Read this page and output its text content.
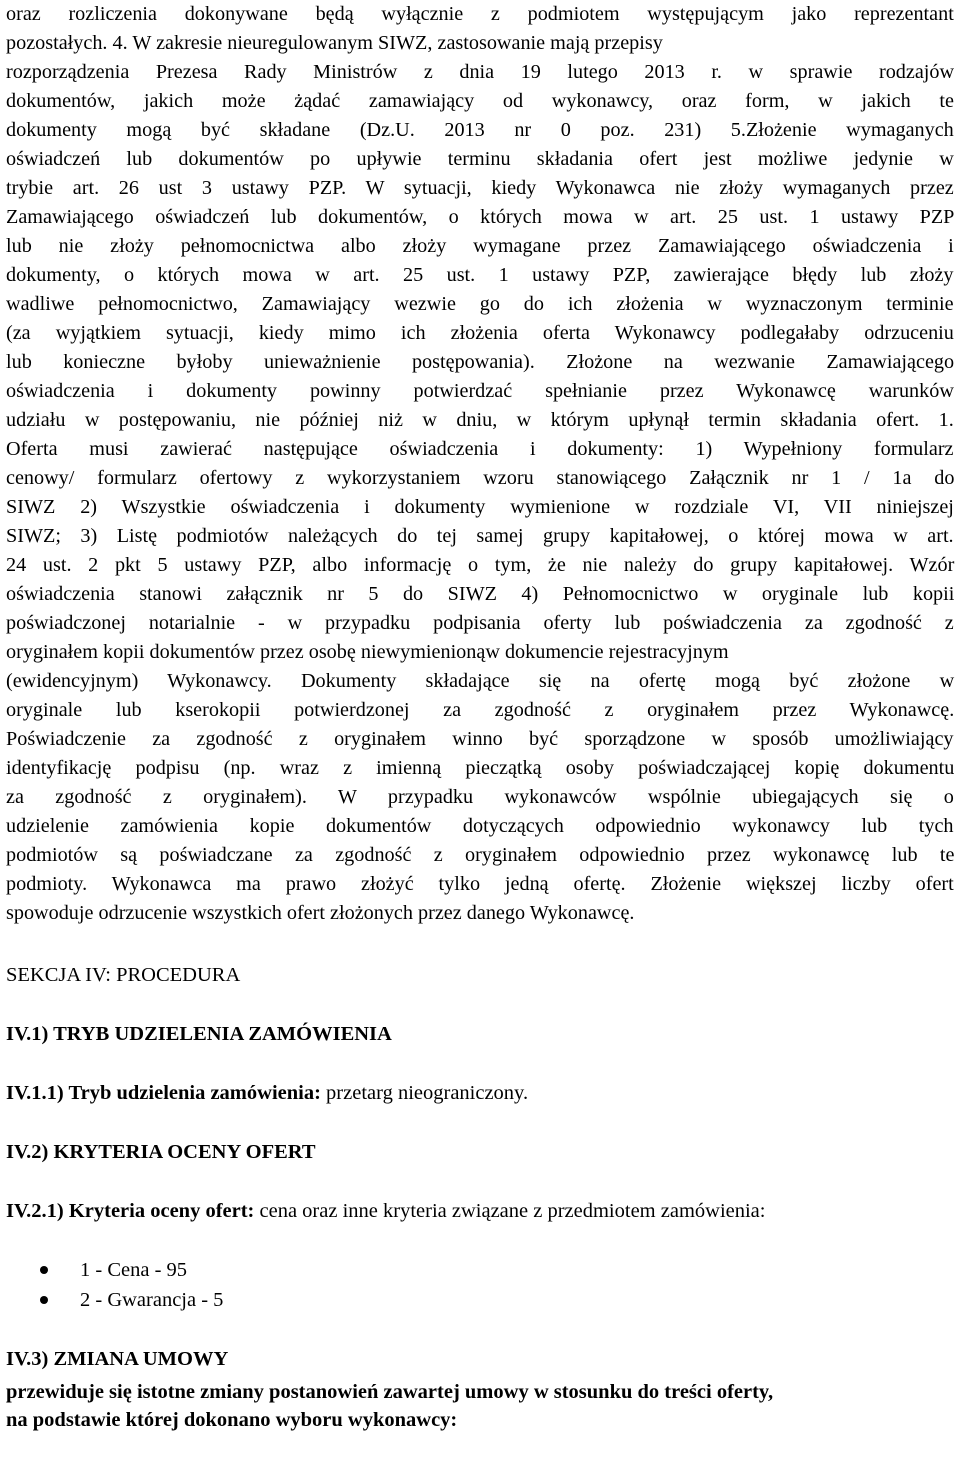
oraz rozliczenia dokonywane będą wyłącznie z podmiotem występującym jako reprezentant
pozostałych. 4. W zakresie nieuregulowanym SIWZ, zastosowanie mają przepisy
rozporządzenia Prezesa Rady Ministrów z dnia 19 lutego 2013 r. w sprawie rodzajów
dokumentów, jakich może żądać zamawiający od wykonawcy, oraz form, w jakich te
dokumenty mogą być składane (Dz.U. 2013 nr 0 poz. 231) 5.Złożenie wymaganych
oświadczeń lub dokumentów po upływie terminu składania ofert jest możliwe jedynie w
trybie art. 26 ust 3 ustawy PZP. W sytuacji, kiedy Wykonawca nie złoży wymaganych przez
Zamawiającego oświadczeń lub dokumentów, o których mowa w art. 25 ust. 1 ustawy PZP
lub nie złoży pełnomocnictwa albo złoży wymagane przez Zamawiającego oświadczenia i
dokumenty, o których mowa w art. 25 ust. 1 ustawy PZP, zawierające błędy lub złoży
wadliwe pełnomocnictwo, Zamawiający wezwie go do ich złożenia w wyznaczonym terminie
(za wyjątkiem sytuacji, kiedy mimo ich złożenia oferta Wykonawcy podlegałaby odrzuceniu
lub konieczne byłoby unieważnienie postępowania). Złożone na wezwanie Zamawiającego
oświadczenia i dokumenty powinny potwierdzać spełnianie przez Wykonawcę warunków
udziału w postępowaniu, nie później niż w dniu, w którym upłynął termin składania ofert. 1.
Oferta musi zawierać następujące oświadczenia i dokumenty: 1) Wypełniony formularz
cenowy/ formularz ofertowy z wykorzystaniem wzoru stanowiącego Załącznik nr 1 / 1a do
SIWZ 2) Wszystkie oświadczenia i dokumenty wymienione w rozdziale VI, VII niniejszej
SIWZ; 3) Listę podmiotów należących do tej samej grupy kapitałowej, o której mowa w art.
24 ust. 2 pkt 5 ustawy PZP, albo informację o tym, że nie należy do grupy kapitałowej. Wzór
oświadczenia stanowi załącznik nr 5 do SIWZ 4) Pełnomocnictwo w oryginale lub kopii
poświadczonej notarialnie - w przypadku podpisania oferty lub poświadczenia za zgodność z
oryginałem kopii dokumentów przez osobę niewymienionąw dokumencie rejestracyjnym
(ewidencyjnym) Wykonawcy. Dokumenty składające się na ofertę mogą być złożone w
oryginale lub kserokopii potwierdzonej za zgodność z oryginałem przez Wykonawcę.
Poświadczenie za zgodność z oryginałem winno być sporządzone w sposób umożliwiający
identyfikację podpisu (np. wraz z imienną pieczątką osoby poświadczającej kopię dokumentu
za zgodność z oryginałem). W przypadku wykonawców wspólnie ubiegających się o
udzielenie zamówienia kopie dokumentów dotyczących odpowiednio wykonawcy lub tych
podmiotów są poświadczane za zgodność z oryginałem odpowiednio przez wykonawcę lub te
podmioty. Wykonawca ma prawo złożyć tylko jedną ofertę. Złożenie większej liczby ofert
spowoduje odrzucenie wszystkich ofert złożonych przez danego Wykonawcę.

SEKCJA IV: PROCEDURA

IV.1) TRYB UDZIELENIA ZAMÓWIENIA

IV.1.1) Tryb udzielenia zamówienia: przetarg nieograniczony.

IV.2) KRYTERIA OCENY OFERT

IV.2.1) Kryteria oceny ofert: cena oraz inne kryteria związane z przedmiotem zamówienia:

1 - Cena - 95
2 - Gwarancja - 5

IV.3) ZMIANA UMOWY

przewiduje się istotne zmiany postanowień zawartej umowy w stosunku do treści oferty,
na podstawie której dokonano wyboru wykonawcy:
